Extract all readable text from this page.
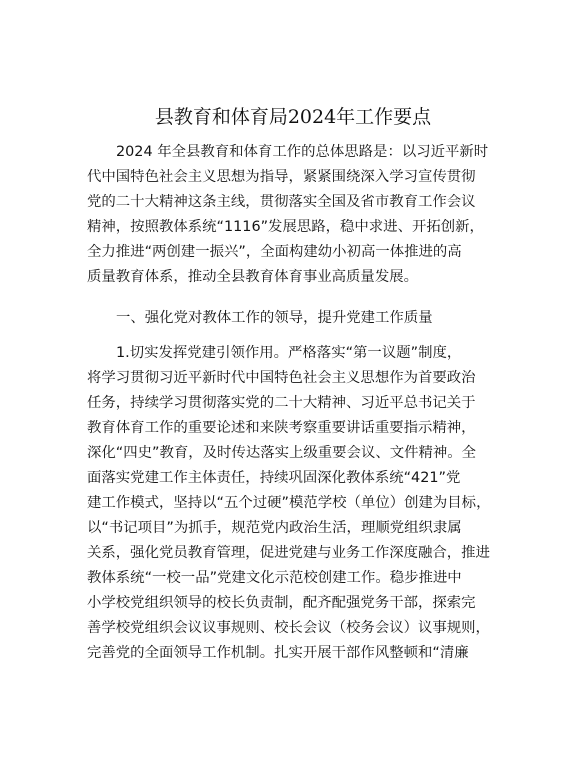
县教育和体育局2024年工作要点
2024 年全县教育和体育工作的总体思路是：以习近平新时
代中国特色社会主义思想为指导，紧紧围绕深入学习宣传贯彻
党的二十大精神这条主线，贯彻落实全国及省市教育工作会议
精神，按照教体系统“1116”发展思路，稳中求进、开拓创新，
全力推进“两创建一振兴”，全面构建幼小初高一体推进的高
质量教育体系，推动全县教育体育事业高质量发展。
一、强化党对教体工作的领导，提升党建工作质量
1.切实发挥党建引领作用。严格落实“第一议题”制度，
将学习贯彻习近平新时代中国特色社会主义思想作为首要政治
任务，持续学习贯彻落实党的二十大精神、习近平总书记关于
教育体育工作的重要论述和来陕考察重要讲话重要指示精神，
深化“四史”教育，及时传达落实上级重要会议、文件精神。全
面落实党建工作主体责任，持续巩固深化教体系统“421”党
建工作模式，坚持以“五个过硬”模范学校（单位）创建为目标，
以“书记项目”为抓手，规范党内政治生活，理顺党组织隶属
关系，强化党员教育管理，促进党建与业务工作深度融合，推进
教体系统“一校一品”党建文化示范校创建工作。稳步推进中
小学校党组织领导的校长负责制，配齐配强党务干部，探索完
善学校党组织会议议事规则、校长会议（校务会议）议事规则，
完善党的全面领导工作机制。扎实开展干部作风整顿和“清廉
